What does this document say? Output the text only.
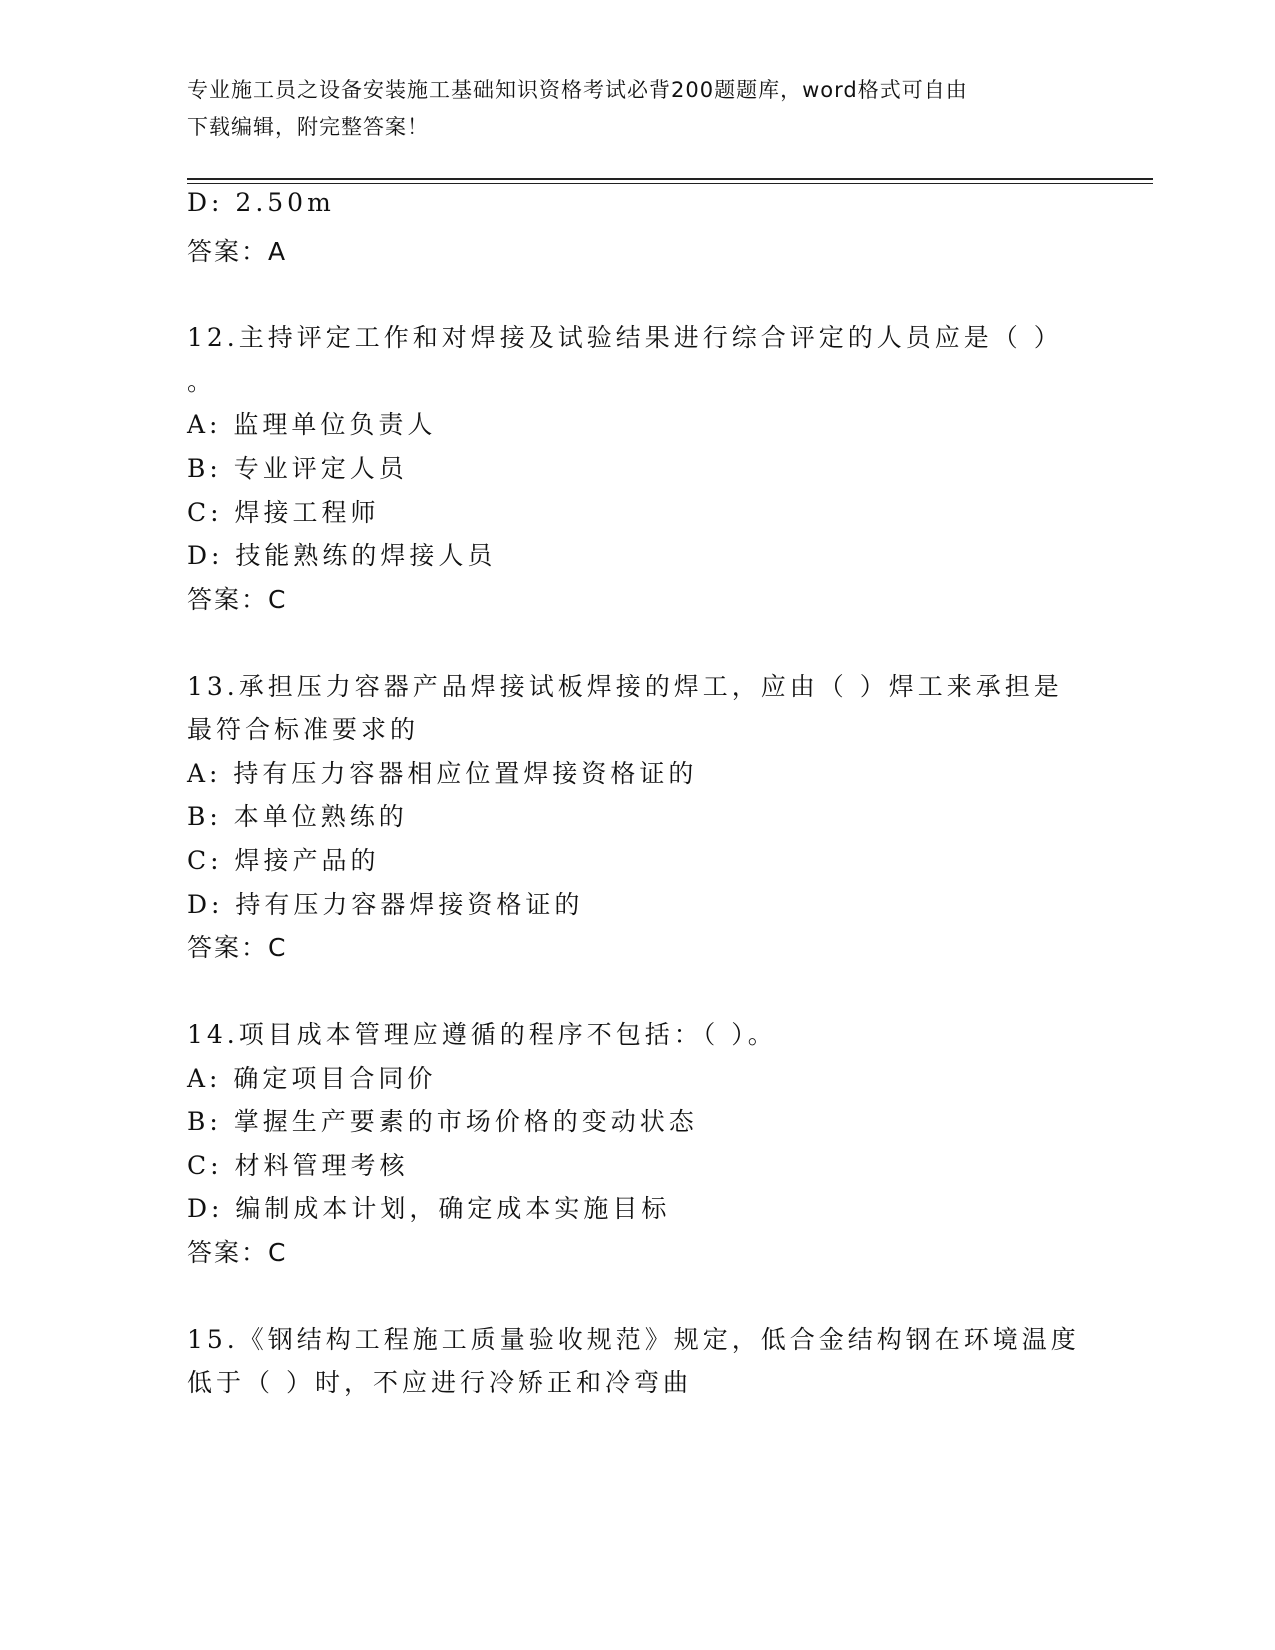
专业施工员之设备安装施工基础知识资格考试必背200题题库，word格式可自由
下载编辑，附完整答案！
D: 2.50m
答案：A
12.主持评定工作和对焊接及试验结果进行综合评定的人员应是（ ）
。
A: 监理单位负责人
B: 专业评定人员
C: 焊接工程师
D: 技能熟练的焊接人员
答案：C
13.承担压力容器产品焊接试板焊接的焊工，应由（ ）焊工来承担是
最符合标准要求的
A: 持有压力容器相应位置焊接资格证的
B: 本单位熟练的
C: 焊接产品的
D: 持有压力容器焊接资格证的
答案：C
14.项目成本管理应遵循的程序不包括：（ ）。
A: 确定项目合同价
B: 掌握生产要素的市场价格的变动状态
C: 材料管理考核
D: 编制成本计划，确定成本实施目标
答案：C
15.《钢结构工程施工质量验收规范》规定，低合金结构钢在环境温度
低于（ ）时，不应进行冷矫正和冷弯曲
